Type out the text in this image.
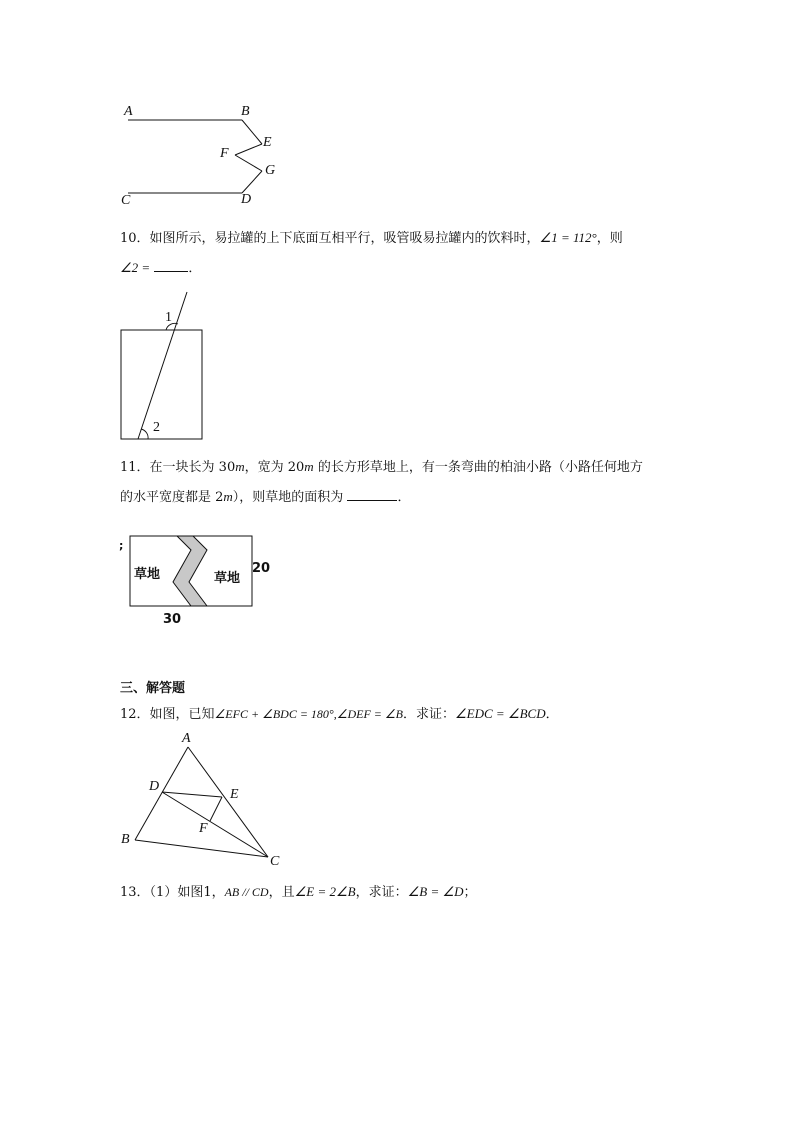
A	B
E
F
G
C	D
10．如图所示，易拉罐的上下底面互相平行，吸管吸易拉罐内的饮料时，∠1 = 112°，则
∠2 =	．
1
2
11．在一块长为 30m，宽为 20m 的长方形草地上，有一条弯曲的柏油小路（小路任何地方
的水平宽度都是 2m），则草地的面积为	．
;
草地	草地
20
30
三、解答题
12．如图，已知∠EFC + ∠BDC = 180°,∠DEF = ∠B．求证：∠EDC = ∠BCD．
A
D
E
F
B
C
13．（1）如图1，AB // CD，且∠E = 2∠B，求证：∠B = ∠D；
